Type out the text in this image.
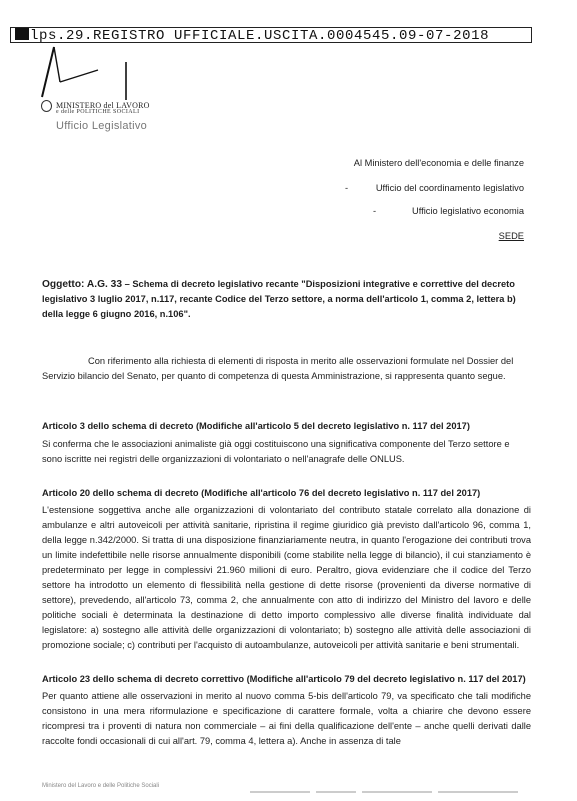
lps.29.REGISTRO UFFICIALE.USCITA.0004545.09-07-2018
MINISTERO del LAVORO
e delle POLITICHE SOCIALI
Ufficio Legislativo
Al Ministero dell'economia e delle finanze
-	Ufficio del coordinamento legislativo
-	Ufficio legislativo economia
SEDE
Oggetto: A.G. 33 – Schema di decreto legislativo recante "Disposizioni integrative e correttive del decreto legislativo 3 luglio 2017, n.117, recante Codice del Terzo settore, a norma dell'articolo 1, comma 2, lettera b) della legge 6 giugno 2016, n.106".
Con riferimento alla richiesta di elementi di risposta in merito alle osservazioni formulate nel Dossier del Servizio bilancio del Senato, per quanto di competenza di questa Amministrazione, si rappresenta quanto segue.
Articolo 3 dello schema di decreto (Modifiche all'articolo 5 del decreto legislativo n. 117 del 2017)
Si conferma che le associazioni animaliste già oggi costituiscono una significativa componente del Terzo settore e sono iscritte nei registri delle organizzazioni di volontariato o nell'anagrafe delle ONLUS.
Articolo 20 dello schema di decreto (Modifiche all'articolo 76 del decreto legislativo n. 117 del 2017)
L'estensione soggettiva anche alle organizzazioni di volontariato del contributo statale correlato alla donazione di ambulanze e altri autoveicoli per attività sanitarie, ripristina il regime giuridico già previsto dall'articolo 96, comma 1, della legge n.342/2000. Si tratta di una disposizione finanziariamente neutra, in quanto l'erogazione dei contributi trova un limite indefettibile nelle risorse annualmente disponibili (come stabilite nella legge di bilancio), il cui stanziamento è predeterminato per legge in complessivi 21.960 milioni di euro. Peraltro, giova evidenziare che il codice del Terzo settore ha introdotto un elemento di flessibilità nella gestione di dette risorse (provenienti da diverse normative di settore), prevedendo, all'articolo 73, comma 2, che annualmente con atto di indirizzo del Ministro del lavoro e delle politiche sociali è determinata la destinazione di detto importo complessivo alle diverse finalità individuate dal legislatore: a) sostegno alle attività delle organizzazioni di volontariato; b) sostegno alle attività delle associazioni di promozione sociale; c) contributi per l'acquisto di autoambulanze, autoveicoli per attività sanitarie e beni strumentali.
Articolo 23 dello schema di decreto correttivo (Modifiche all'articolo 79 del decreto legislativo n. 117 del 2017)
Per quanto attiene alle osservazioni in merito al nuovo comma 5-bis dell'articolo 79, va specificato che tali modifiche consistono in una mera riformulazione e specificazione di carattere formale, volta a chiarire che devono essere ricompresi tra i proventi di natura non commerciale – ai fini della qualificazione dell'ente – anche quelli derivati dalle raccolte fondi occasionali di cui all'art. 79, comma 4, lettera a). Anche in assenza di tale
Ministero del Lavoro e delle Politiche Sociali
